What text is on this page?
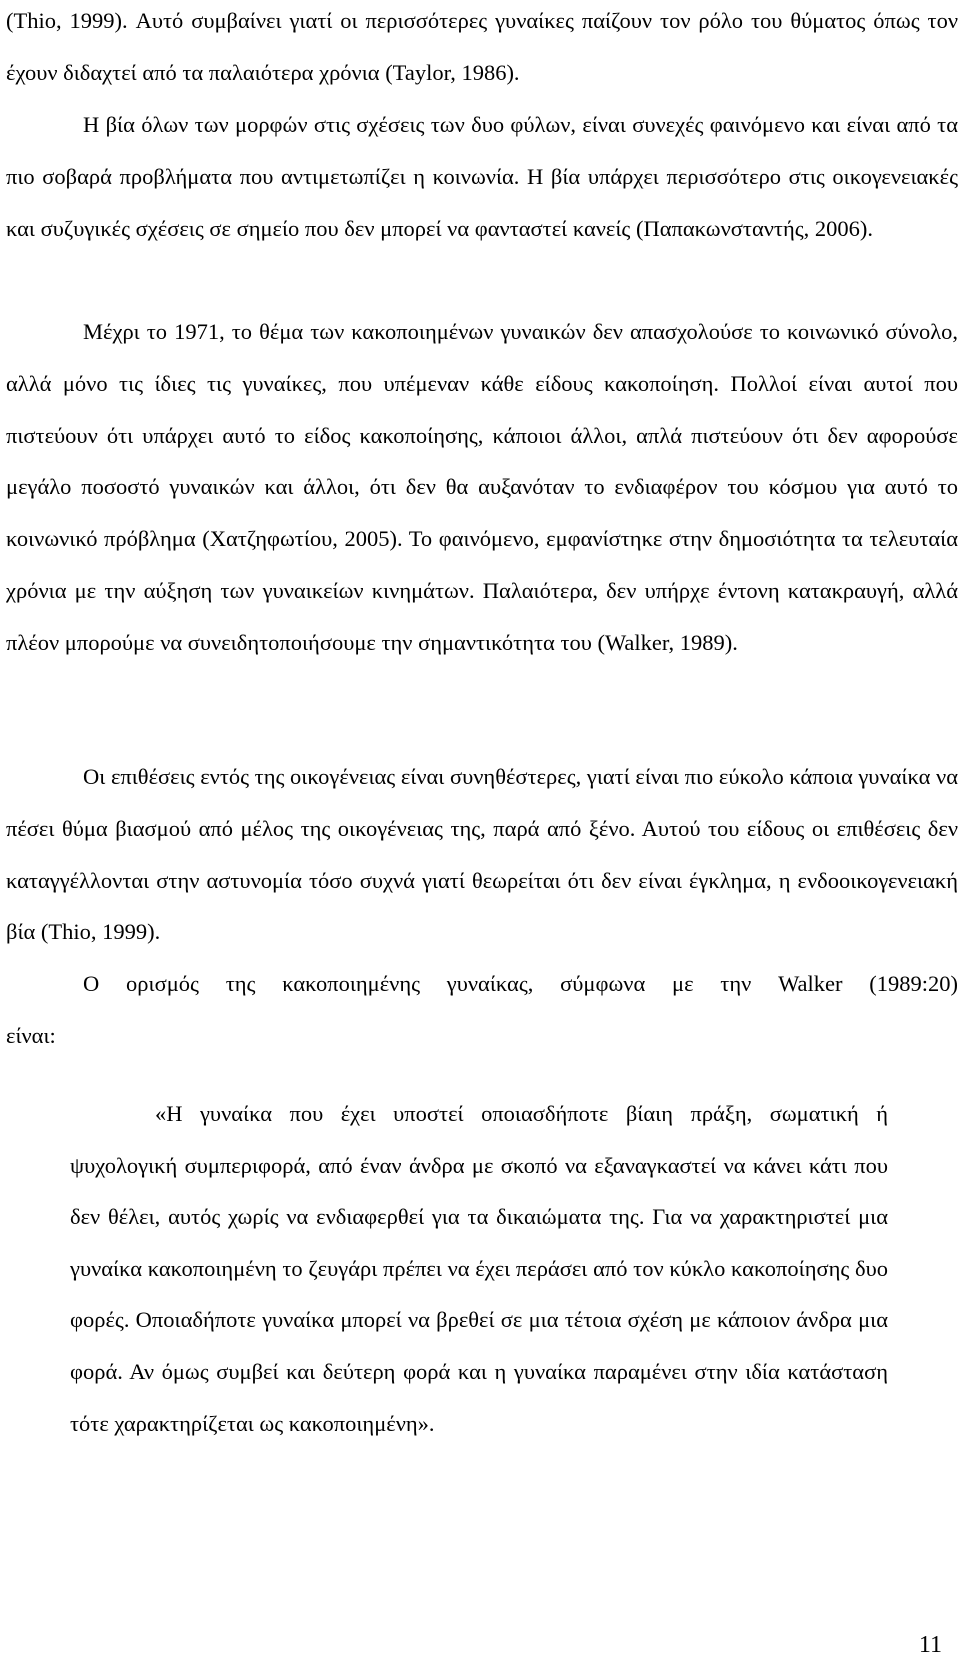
(Thio, 1999). Αυτό συμβαίνει γιατί οι περισσότερες γυναίκες παίζουν τον ρόλο του θύματος όπως τον έχουν διδαχτεί από τα παλαιότερα χρόνια (Taylor, 1986).

Η βία όλων των μορφών στις σχέσεις των δυο φύλων, είναι συνεχές φαινόμενο και είναι από τα πιο σοβαρά προβλήματα που αντιμετωπίζει η κοινωνία. Η βία υπάρχει περισσότερο στις οικογενειακές και συζυγικές σχέσεις σε σημείο που δεν μπορεί να φανταστεί κανείς (Παπακωνσταντής, 2006).

Μέχρι το 1971, το θέμα των κακοποιημένων γυναικών δεν απασχολούσε το κοινωνικό σύνολο, αλλά μόνο τις ίδιες τις γυναίκες, που υπέμεναν κάθε είδους κακοποίηση. Πολλοί είναι αυτοί που πιστεύουν ότι υπάρχει αυτό το είδος κακοποίησης, κάποιοι άλλοι, απλά πιστεύουν ότι δεν αφορούσε μεγάλο ποσοστό γυναικών και άλλοι, ότι δεν θα αυξανόταν το ενδιαφέρον του κόσμου για αυτό το κοινωνικό πρόβλημα (Χατζηφωτίου, 2005). Το φαινόμενο, εμφανίστηκε στην δημοσιότητα τα τελευταία χρόνια με την αύξηση των γυναικείων κινημάτων. Παλαιότερα, δεν υπήρχε έντονη κατακραυγή, αλλά πλέον μπορούμε να συνειδητοποιήσουμε την σημαντικότητα του (Walker, 1989).

Οι επιθέσεις εντός της οικογένειας είναι συνηθέστερες, γιατί είναι πιο εύκολο κάποια γυναίκα να πέσει θύμα βιασμού από μέλος της οικογένειας της, παρά από ξένο. Αυτού του είδους οι επιθέσεις δεν καταγγέλλονται στην αστυνομία τόσο συχνά γιατί θεωρείται ότι δεν είναι έγκλημα, η ενδοοικογενειακή βία (Thio, 1999).

Ο ορισμός της κακοποιημένης γυναίκας, σύμφωνα με την Walker (1989:20)
είναι:

«Η γυναίκα που έχει υποστεί οποιασδήποτε βίαιη πράξη, σωματική ή ψυχολογική συμπεριφορά, από έναν άνδρα με σκοπό να εξαναγκαστεί να κάνει κάτι που δεν θέλει, αυτός χωρίς να ενδιαφερθεί για τα δικαιώματα της. Για να χαρακτηριστεί μια γυναίκα κακοποιημένη το ζευγάρι πρέπει να έχει περάσει από τον κύκλο κακοποίησης δυο φορές. Οποιαδήποτε γυναίκα μπορεί να βρεθεί σε μια τέτοια σχέση με κάποιον άνδρα μια φορά. Αν όμως συμβεί και δεύτερη φορά και η γυναίκα παραμένει στην ιδία κατάσταση τότε χαρακτηρίζεται ως κακοποιημένη».

11
